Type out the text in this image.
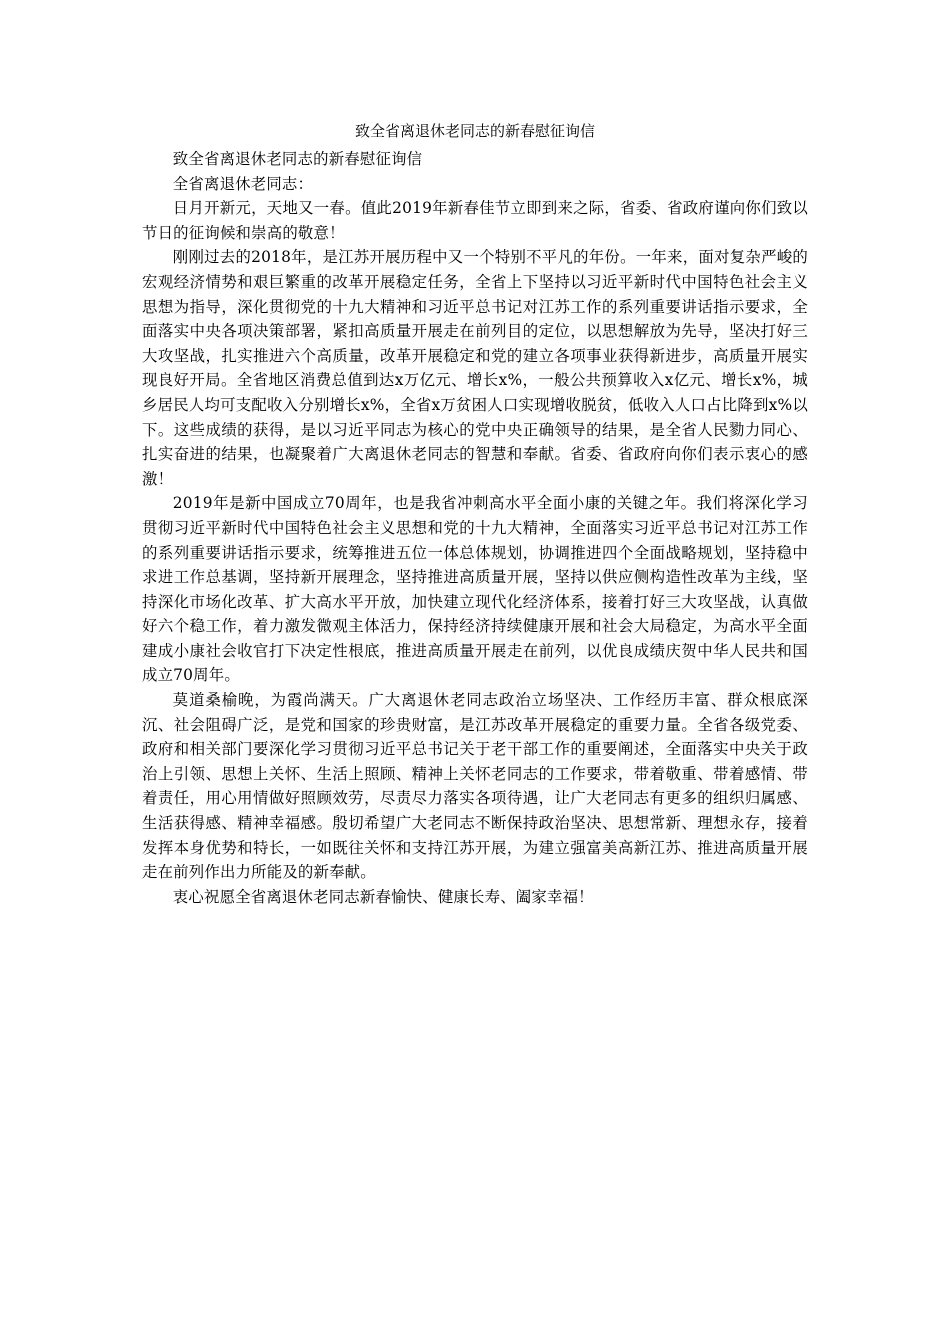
致全省离退休老同志的新春慰征询信

致全省离退休老同志的新春慰征询信

全省离退休老同志：

日月开新元，天地又一春。值此2019年新春佳节立即到来之际，省委、省政府谨向你们致以节日的征询候和崇高的敬意！

刚刚过去的2018年，是江苏开展历程中又一个特别不平凡的年份。一年来，面对复杂严峻的宏观经济情势和艰巨繁重的改革开展稳定任务，全省上下坚持以习近平新时代中国特色社会主义思想为指导，深化贯彻党的十九大精神和习近平总书记对江苏工作的系列重要讲话指示要求，全面落实中央各项决策部署，紧扣高质量开展走在前列目的定位，以思想解放为先导，坚决打好三大攻坚战，扎实推进六个高质量，改革开展稳定和党的建立各项事业获得新进步，高质量开展实现良好开局。全省地区消费总值到达x万亿元、增长x%，一般公共预算收入x亿元、增长x%，城乡居民人均可支配收入分别增长x%，全省x万贫困人口实现增收脱贫，低收入人口占比降到x%以下。这些成绩的获得，是以习近平同志为核心的党中央正确领导的结果，是全省人民勠力同心、扎实奋进的结果，也凝聚着广大离退休老同志的智慧和奉献。省委、省政府向你们表示衷心的感激！

2019年是新中国成立70周年，也是我省冲刺高水平全面小康的关键之年。我们将深化学习贯彻习近平新时代中国特色社会主义思想和党的十九大精神，全面落实习近平总书记对江苏工作的系列重要讲话指示要求，统筹推进五位一体总体规划，协调推进四个全面战略规划，坚持稳中求进工作总基调，坚持新开展理念，坚持推进高质量开展，坚持以供应侧构造性改革为主线，坚持深化市场化改革、扩大高水平开放，加快建立现代化经济体系，接着打好三大攻坚战，认真做好六个稳工作，着力激发微观主体活力，保持经济持续健康开展和社会大局稳定，为高水平全面建成小康社会收官打下决定性根底，推进高质量开展走在前列，以优良成绩庆贺中华人民共和国成立70周年。

莫道桑榆晚，为霞尚满天。广大离退休老同志政治立场坚决、工作经历丰富、群众根底深沉、社会阻碍广泛，是党和国家的珍贵财富，是江苏改革开展稳定的重要力量。全省各级党委、政府和相关部门要深化学习贯彻习近平总书记关于老干部工作的重要阐述，全面落实中央关于政治上引领、思想上关怀、生活上照顾、精神上关怀老同志的工作要求，带着敬重、带着感情、带着责任，用心用情做好照顾效劳，尽责尽力落实各项待遇，让广大老同志有更多的组织归属感、生活获得感、精神幸福感。殷切希望广大老同志不断保持政治坚决、思想常新、理想永存，接着发挥本身优势和特长，一如既往关怀和支持江苏开展，为建立强富美高新江苏、推进高质量开展走在前列作出力所能及的新奉献。

衷心祝愿全省离退休老同志新春愉快、健康长寿、阖家幸福！
